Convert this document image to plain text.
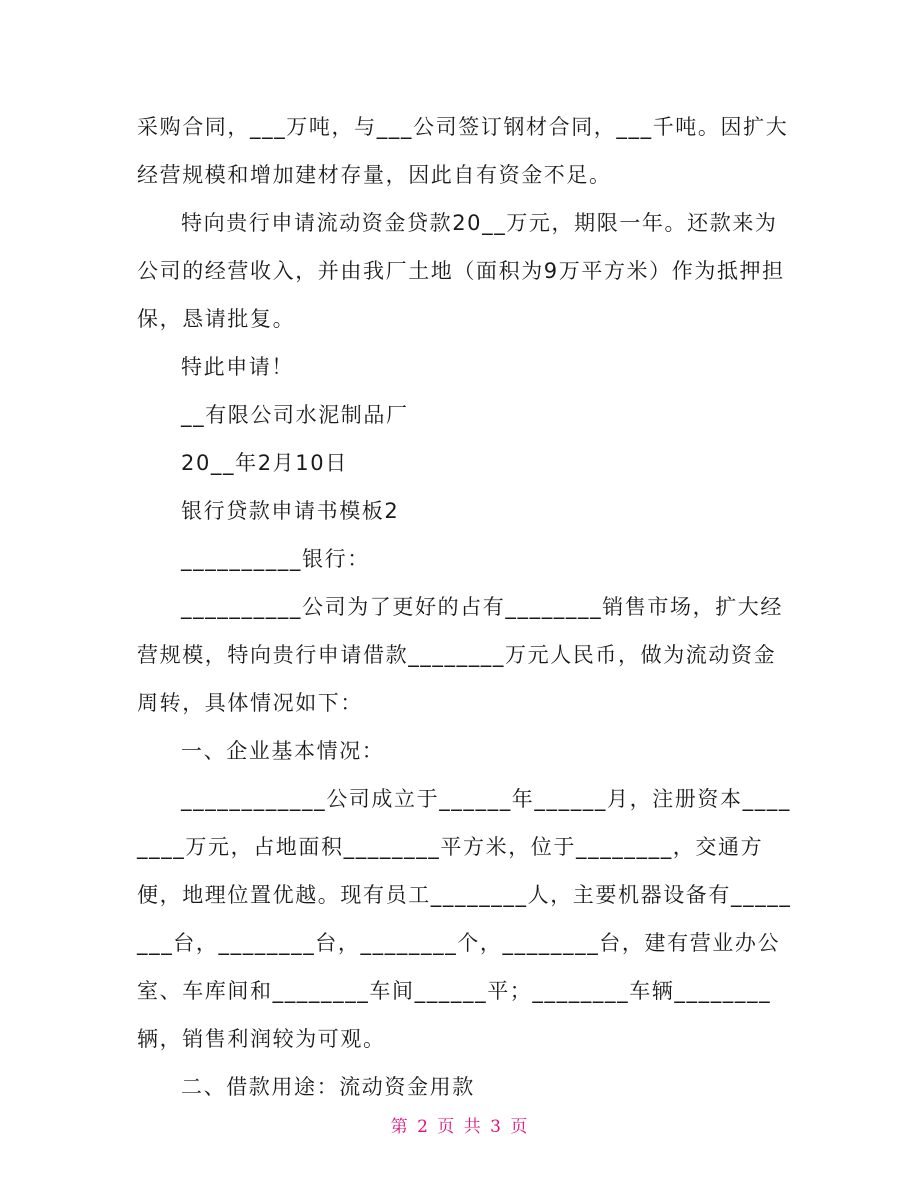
采购合同，___万吨，与___公司签订钢材合同，___千吨。因扩大经营规模和增加建材存量，因此自有资金不足。

特向贵行申请流动资金贷款20__万元，期限一年。还款来为公司的经营收入，并由我厂土地（面积为9万平方米）作为抵押担保，恳请批复。

特此申请！

__有限公司水泥制品厂

20__年2月10日

银行贷款申请书模板2

__________银行：

__________公司为了更好的占有________销售市场，扩大经营规模，特向贵行申请借款________万元人民币，做为流动资金周转，具体情况如下：

一、企业基本情况：

____________公司成立于______年______月，注册资本________万元，占地面积________平方米，位于________，交通方便，地理位置优越。现有员工________人，主要机器设备有________台，________台，________个，________台，建有营业办公室、车库间和________车间______平；________车辆________辆，销售利润较为可观。

二、借款用途：流动资金用款

第 2 页 共 3 页
